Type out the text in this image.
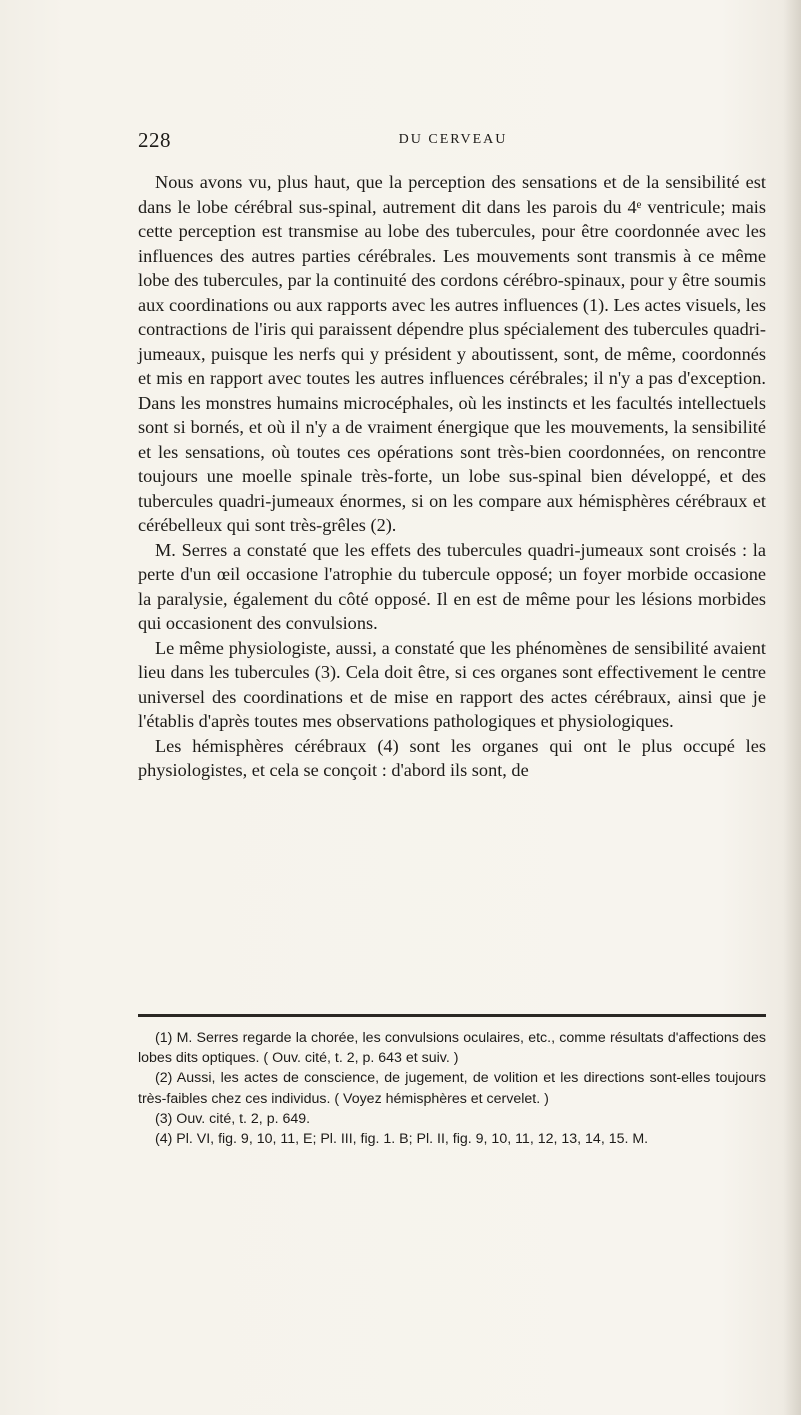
228	DU CERVEAU

Nous avons vu, plus haut, que la perception des sensations et de la sensibilité est dans le lobe cérébral sus-spinal, autrement dit dans les parois du 4ᵉ ventricule; mais cette perception est transmise au lobe des tubercules, pour être coordonnée avec les influences des autres parties cérébrales. Les mouvements sont transmis à ce même lobe des tubercules, par la continuité des cordons cérébro-spinaux, pour y être soumis aux coordinations ou aux rapports avec les autres influences (1). Les actes visuels, les contractions de l'iris qui paraissent dépendre plus spécialement des tubercules quadri-jumeaux, puisque les nerfs qui y président y aboutissent, sont, de même, coordonnés et mis en rapport avec toutes les autres influences cérébrales; il n'y a pas d'exception. Dans les monstres humains microcéphales, où les instincts et les facultés intellectuels sont si bornés, et où il n'y a de vraiment énergique que les mouvements, la sensibilité et les sensations, où toutes ces opérations sont très-bien coordonnées, on rencontre toujours une moelle spinale très-forte, un lobe sus-spinal bien développé, et des tubercules quadri-jumeaux énormes, si on les compare aux hémisphères cérébraux et cérébelleux qui sont très-grêles (2).

M. Serres a constaté que les effets des tubercules quadri-jumeaux sont croisés : la perte d'un œil occasione l'atrophie du tubercule opposé; un foyer morbide occasione la paralysie, également du côté opposé. Il en est de même pour les lésions morbides qui occasionent des convulsions.

Le même physiologiste, aussi, a constaté que les phénomènes de sensibilité avaient lieu dans les tubercules (3). Cela doit être, si ces organes sont effectivement le centre universel des coordinations et de mise en rapport des actes cérébraux, ainsi que je l'établis d'après toutes mes observations pathologiques et physiologiques.

Les hémisphères cérébraux (4) sont les organes qui ont le plus occupé les physiologistes, et cela se conçoit : d'abord ils sont, de

(1) M. Serres regarde la chorée, les convulsions oculaires, etc., comme résultats d'affections des lobes dits optiques. ( Ouv. cité, t. 2, p. 643 et suiv. )

(2) Aussi, les actes de conscience, de jugement, de volition et les directions sont-elles toujours très-faibles chez ces individus. ( Voyez hémisphères et cervelet. )

(3) Ouv. cité, t. 2, p. 649.

(4) Pl. VI, fig. 9, 10, 11, E; Pl. III, fig. 1. B; Pl. II, fig. 9, 10, 11, 12, 13, 14, 15. M.
